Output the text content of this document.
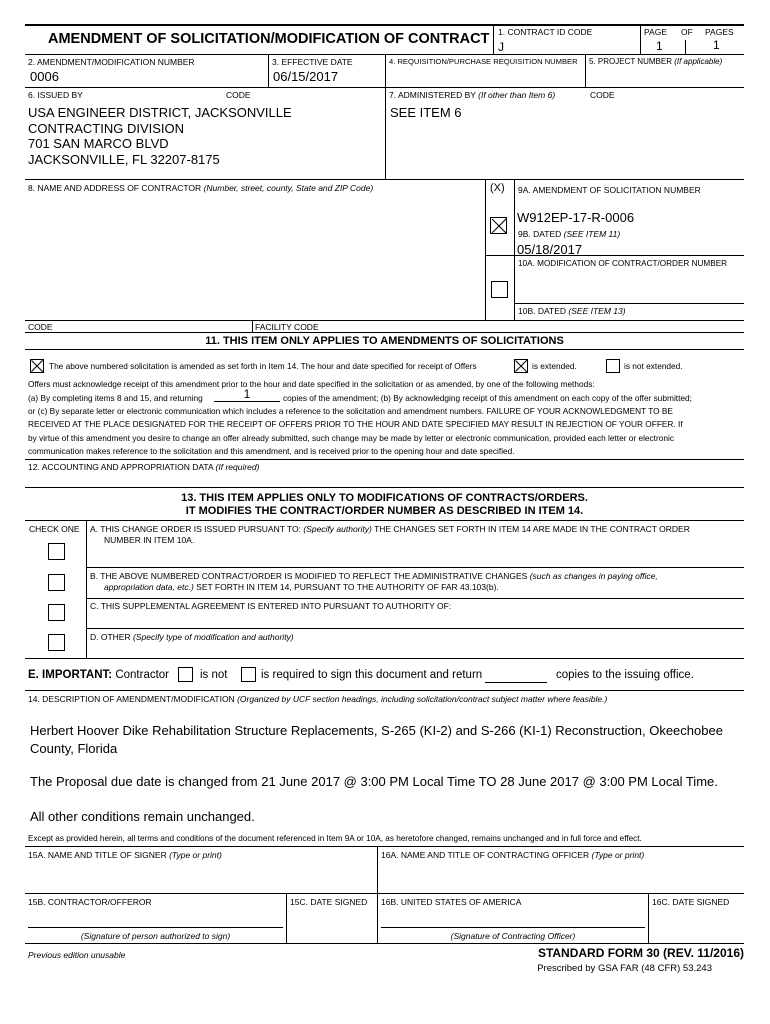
AMENDMENT OF SOLICITATION/MODIFICATION OF CONTRACT 1. CONTRACT ID CODE
J
PAGE OF PAGES
1	1
2. AMENDMENT/MODIFICATION NUMBER
0006
3. EFFECTIVE DATE
06/15/2017
4. REQUISITION/PURCHASE REQUISITION NUMBER 5. PROJECT NUMBER (If applicable)
6. ISSUED BY	CODE	7. ADMINISTERED BY (If other than Item 6)	CODE
USA ENGINEER DISTRICT, JACKSONVILLE
CONTRACTING DIVISION
701 SAN MARCO BLVD
JACKSONVILLE, FL 32207-8175
SEE ITEM 6
8. NAME AND ADDRESS OF CONTRACTOR (Number, street, county, State and ZIP Code)	(X) 9A. AMENDMENT OF SOLICITATION NUMBER
W912EP-17-R-0006
9B. DATED (SEE ITEM 11)
05/18/2017
10A. MODIFICATION OF CONTRACT/ORDER NUMBER
10B. DATED (SEE ITEM 13)
CODE	FACILITY CODE
11. THIS ITEM ONLY APPLIES TO AMENDMENTS OF SOLICITATIONS
The above numbered solicitation is amended as set forth in Item 14. The hour and date specified for receipt of Offers	is extended.	is not extended.
Offers must acknowledge receipt of this amendment prior to the hour and date specified in the solicitation or as amended, by one of the following methods:
(a) By completing items 8 and 15, and returning	1	copies of the amendment; (b) By acknowledging receipt of this amendment on each copy of the offer submitted;
or (c) By separate letter or electronic communication which includes a reference to the solicitation and amendment numbers. FAILURE OF YOUR ACKNOWLEDGMENT TO BE
RECEIVED AT THE PLACE DESIGNATED FOR THE RECEIPT OF OFFERS PRIOR TO THE HOUR AND DATE SPECIFIED MAY RESULT IN REJECTION OF YOUR OFFER. If
by virtue of this amendment you desire to change an offer already submitted, such change may be made by letter or electronic communication, provided each letter or electronic
communication makes reference to the solicitation and this amendment, and is received prior to the opening hour and date specified.
12. ACCOUNTING AND APPROPRIATION DATA (If required)
13. THIS ITEM APPLIES ONLY TO MODIFICATIONS OF CONTRACTS/ORDERS.
IT MODIFIES THE CONTRACT/ORDER NUMBER AS DESCRIBED IN ITEM 14.
CHECK ONE A. THIS CHANGE ORDER IS ISSUED PURSUANT TO: (Specify authority) THE CHANGES SET FORTH IN ITEM 14 ARE MADE IN THE CONTRACT ORDER
NUMBER IN ITEM 10A.
B. THE ABOVE NUMBERED CONTRACT/ORDER IS MODIFIED TO REFLECT THE ADMINISTRATIVE CHANGES (such as changes in paying office,
appropriation data, etc.) SET FORTH IN ITEM 14, PURSUANT TO THE AUTHORITY OF FAR 43.103(b).
C. THIS SUPPLEMENTAL AGREEMENT IS ENTERED INTO PURSUANT TO AUTHORITY OF:
D. OTHER (Specify type of modification and authority)
E. IMPORTANT: Contractor	is not	is required to sign this document and return	copies to the issuing office.
14. DESCRIPTION OF AMENDMENT/MODIFICATION (Organized by UCF section headings, including solicitation/contract subject matter where feasible.)
Herbert Hoover Dike Rehabilitation Structure Replacements, S-265 (KI-2) and S-266 (KI-1) Reconstruction, Okeechobee
County, Florida
The Proposal due date is changed from 21 June 2017 @ 3:00 PM Local Time TO 28 June 2017 @ 3:00 PM Local Time.
All other conditions remain unchanged.
Except as provided herein, all terms and conditions of the document referenced in Item 9A or 10A, as heretofore changed, remains unchanged and in full force and effect.
15A. NAME AND TITLE OF SIGNER (Type or print)	16A. NAME AND TITLE OF CONTRACTING OFFICER (Type or print)
15B. CONTRACTOR/OFFEROR	15C. DATE SIGNED 16B. UNITED STATES OF AMERICA	16C. DATE SIGNED
(Signature of person authorized to sign)	(Signature of Contracting Officer)
Previous edition unusable	STANDARD FORM 30 (REV. 11/2016)
Prescribed by GSA FAR (48 CFR) 53.243
